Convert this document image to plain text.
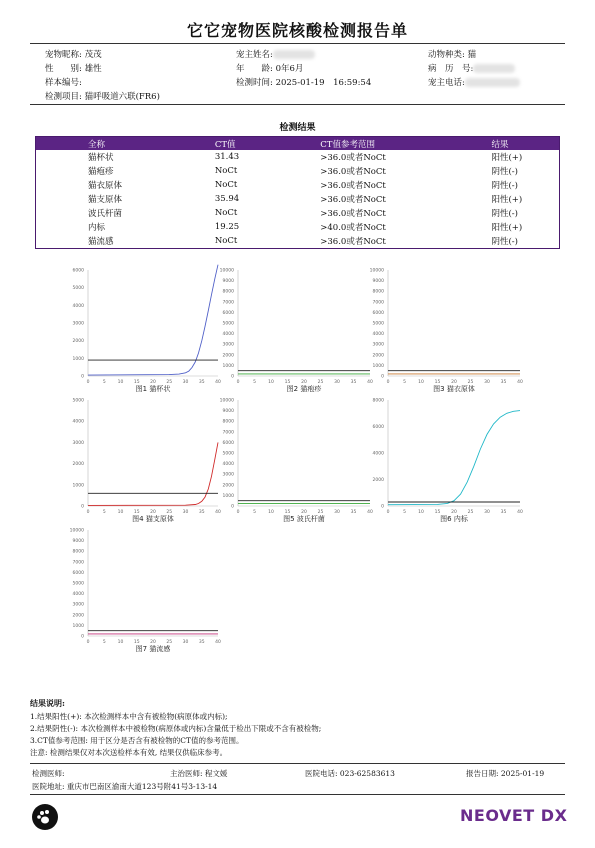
它它宠物医院核酸检测报告单
宠物昵称: 茂茂	宠主姓名:	动物种类: 猫
性　　别: 雄性	年　　龄: 0年6月	病　历　号:
样本编号:	检测时间: 2025-01-19　16:59:54	宠主电话:
检测项目: 猫呼吸道六联(FR6)
检测结果
全称	CT值	CT值参考范围	结果
猫杯状	31.43	>36.0或者NoCt	阳性(+)
猫疱疹	NoCt	>36.0或者NoCt	阴性(-)
猫衣原体	NoCt	>36.0或者NoCt	阴性(-)
猫支原体	35.94	>36.0或者NoCt	阳性(+)
波氏杆菌	NoCt	>36.0或者NoCt	阴性(-)
内标	19.25	>40.0或者NoCt	阳性(+)
猫流感	NoCt	>36.0或者NoCt	阴性(-)
0
1000
2000
3000
4000
5000
6000
0	5	10 15 20 25 30 35 40
图1 猫杯状
0
1000
2000
3000
4000
5000
6000
7000
8000
9000
10000
0	5	10 15 20 25 30 35 40
图2 猫疱疹
0
1000
2000
3000
4000
5000
6000
7000
8000
9000
10000
0	5	10 15 20 25 30 35 40
图3 猫衣原体
0
1000
2000
3000
4000
5000
0	5	10 15 20 25 30 35 40
图4 猫支原体
0
1000
2000
3000
4000
5000
6000
7000
8000
9000
10000
0	5	10 15 20 25 30 35 40
图5 波氏杆菌
0
2000
4000
6000
8000
0	5	10 15 20 25 30 35 40
图6 内标
0
1000
2000
3000
4000
5000
6000
7000
8000
9000
10000
0	5	10 15 20 25 30 35 40
图7 猫流感
结果说明:
1.结果阳性(+): 本次检测样本中含有被检物(病原体或内标);
2.结果阴性(-): 本次检测样本中被检物(病原体或内标)含量低于检出下限或不含有被检物;
3.CT值参考范围: 用于区分是否含有被检物的CT值的参考范围。
注意: 检测结果仅对本次送检样本有效, 结果仅供临床参考。
检测医师:	主治医师: 程文媛	医院电话: 023-62583613	报告日期: 2025-01-19
医院地址: 重庆市巴南区渝南大道123号附41号3-13-14
NEOVET DX
